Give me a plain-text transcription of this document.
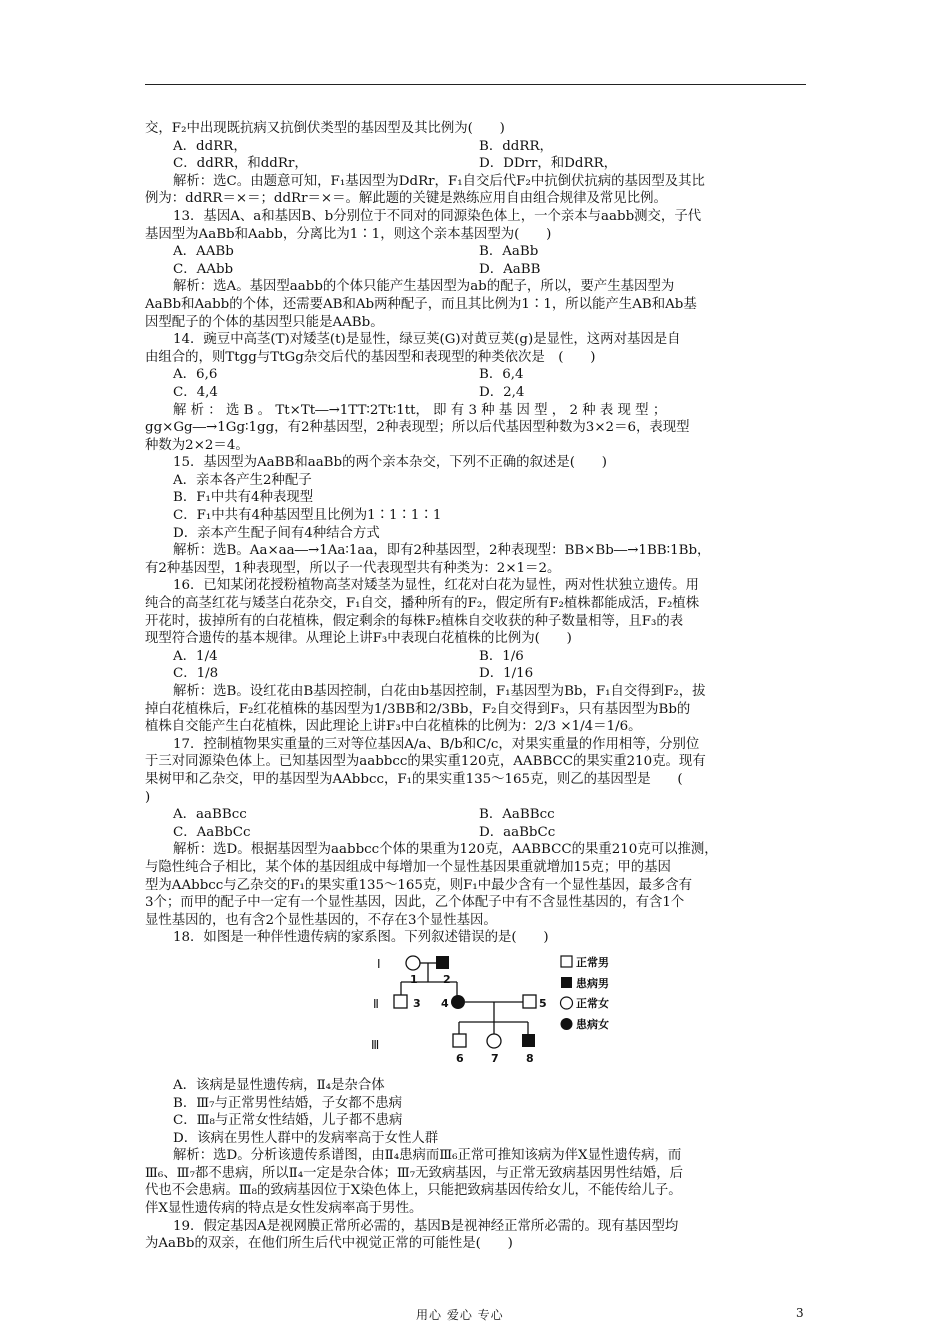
交，F₂中出现既抗病又抗倒伏类型的基因型及其比例为(　　)
A．ddRR，	B．ddRR，
C．ddRR，和ddRr，	D．DDrr，和DdRR，
解析：选C。由题意可知，F₁基因型为DdRr，F₁自交后代F₂中抗倒伏抗病的基因型及其比
例为：ddRR＝×＝；ddRr＝×＝。解此题的关键是熟练应用自由组合规律及常见比例。
13．基因A、a和基因B、b分别位于不同对的同源染色体上，一个亲本与aabb测交，子代
基因型为AaBb和Aabb，分离比为1∶1，则这个亲本基因型为(　　)
A．AABb	B．AaBb
C．AAbb	D．AaBB
解析：选A。基因型aabb的个体只能产生基因型为ab的配子，所以，要产生基因型为
AaBb和Aabb的个体，还需要AB和Ab两种配子，而且其比例为1∶1，所以能产生AB和Ab基
因型配子的个体的基因型只能是AABb。
14．豌豆中高茎(T)对矮茎(t)是显性，绿豆荚(G)对黄豆荚(g)是显性，这两对基因是自
由组合的，则Ttgg与TtGg杂交后代的基因型和表现型的种类依次是　(　　)
A．6,6	B．6,4
C．4,4	D．2,4
解 析 ： 选 B 。 Tt×Tt―→1TT∶2Tt∶1tt， 即 有 3 种 基 因 型 ， 2 种 表 现 型 ；
gg×Gg―→1Gg∶1gg，有2种基因型，2种表现型；所以后代基因型种数为3×2＝6，表现型
种数为2×2＝4。
15．基因型为AaBB和aaBb的两个亲本杂交，下列不正确的叙述是(　　)
A．亲本各产生2种配子
B．F₁中共有4种表现型
C．F₁中共有4种基因型且比例为1∶1∶1∶1
D．亲本产生配子间有4种结合方式
解析：选B。Aa×aa―→1Aa∶1aa，即有2种基因型，2种表现型：BB×Bb―→1BB∶1Bb，
有2种基因型，1种表现型，所以子一代表现型共有种类为：2×1＝2。
16．已知某闭花授粉植物高茎对矮茎为显性，红花对白花为显性，两对性状独立遗传。用
纯合的高茎红花与矮茎白花杂交，F₁自交，播种所有的F₂，假定所有F₂植株都能成活，F₂植株
开花时，拔掉所有的白花植株，假定剩余的每株F₂植株自交收获的种子数量相等，且F₃的表
现型符合遗传的基本规律。从理论上讲F₃中表现白花植株的比例为(　　)
A．1/4	B．1/6
C．1/8	D．1/16
解析：选B。设红花由B基因控制，白花由b基因控制，F₁基因型为Bb，F₁自交得到F₂，拔
掉白花植株后，F₂红花植株的基因型为1/3BB和2/3Bb，F₂自交得到F₃，只有基因型为Bb的
植株自交能产生白花植株，因此理论上讲F₃中白花植株的比例为：2/3 ×1/4＝1/6。
17．控制植物果实重量的三对等位基因A/a、B/b和C/c，对果实重量的作用相等，分别位
于三对同源染色体上。已知基因型为aabbcc的果实重120克，AABBCC的果实重210克。现有
果树甲和乙杂交，甲的基因型为AAbbcc，F₁的果实重135～165克，则乙的基因型是　　(
)
A．aaBBcc	B．AaBBcc
C．AaBbCc	D．aaBbCc
解析：选D。根据基因型为aabbcc个体的果重为120克，AABBCC的果重210克可以推测，
与隐性纯合子相比，某个体的基因组成中每增加一个显性基因果重就增加15克；甲的基因
型为AAbbcc与乙杂交的F₁的果实重135～165克，则F₁中最少含有一个显性基因，最多含有
3个；而甲的配子中一定有一个显性基因，因此，乙个体配子中有不含显性基因的，有含1个
显性基因的，也有含2个显性基因的，不存在3个显性基因。
18．如图是一种伴性遗传病的家系图。下列叙述错误的是(　　)
Ⅰ
Ⅱ
Ⅲ
1 2
3 4	5
6 7 8
正常男
患病男
正常女
患病女
A．该病是显性遗传病，Ⅱ₄是杂合体
B．Ⅲ₇与正常男性结婚，子女都不患病
C．Ⅲ₈与正常女性结婚，儿子都不患病
D．该病在男性人群中的发病率高于女性人群
解析：选D。分析该遗传系谱图，由Ⅱ₄患病而Ⅲ₆正常可推知该病为伴X显性遗传病，而
Ⅲ₆、Ⅲ₇都不患病，所以Ⅱ₄一定是杂合体；Ⅲ₇无致病基因，与正常无致病基因男性结婚，后
代也不会患病。Ⅲ₈的致病基因位于X染色体上，只能把致病基因传给女儿，不能传给儿子。
伴X显性遗传病的特点是女性发病率高于男性。
19．假定基因A是视网膜正常所必需的，基因B是视神经正常所必需的。现有基因型均
为AaBb的双亲，在他们所生后代中视觉正常的可能性是(　　)
用心 爱心 专心	3
